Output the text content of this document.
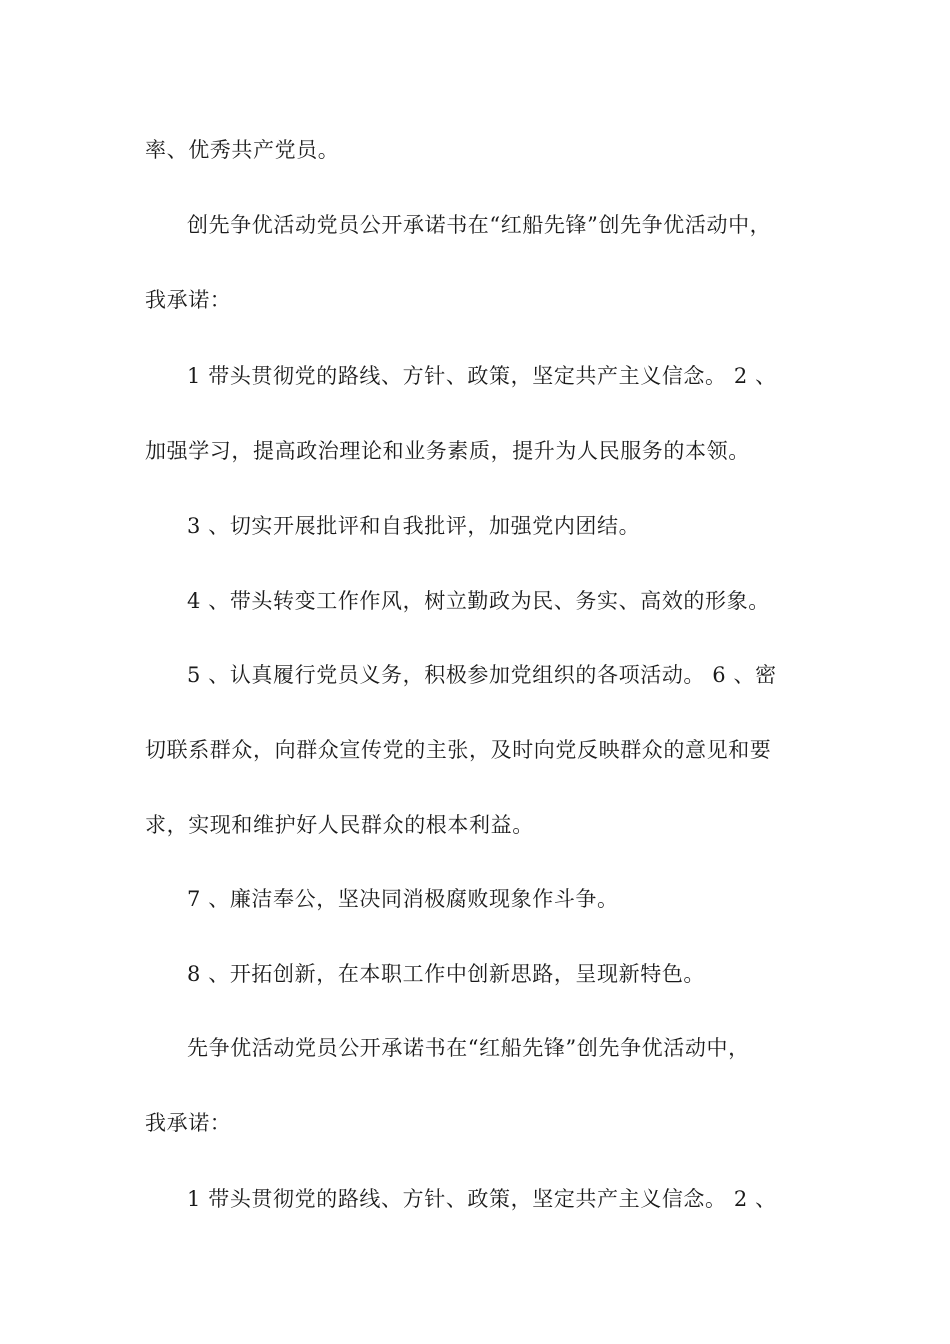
率、优秀共产党员。

创先争优活动党员公开承诺书在“红船先锋”创先争优活动中，

我承诺：

1 带头贯彻党的路线、方针、政策，坚定共产主义信念。 2 、

加强学习，提高政治理论和业务素质，提升为人民服务的本领。

3 、切实开展批评和自我批评，加强党内团结。

4 、带头转变工作作风，树立勤政为民、务实、高效的形象。

5 、认真履行党员义务，积极参加党组织的各项活动。 6 、密

切联系群众，向群众宣传党的主张，及时向党反映群众的意见和要

求，实现和维护好人民群众的根本利益。

7 、廉洁奉公，坚决同消极腐败现象作斗争。

8 、开拓创新，在本职工作中创新思路，呈现新特色。

先争优活动党员公开承诺书在“红船先锋”创先争优活动中，

我承诺：

1 带头贯彻党的路线、方针、政策，坚定共产主义信念。 2 、
